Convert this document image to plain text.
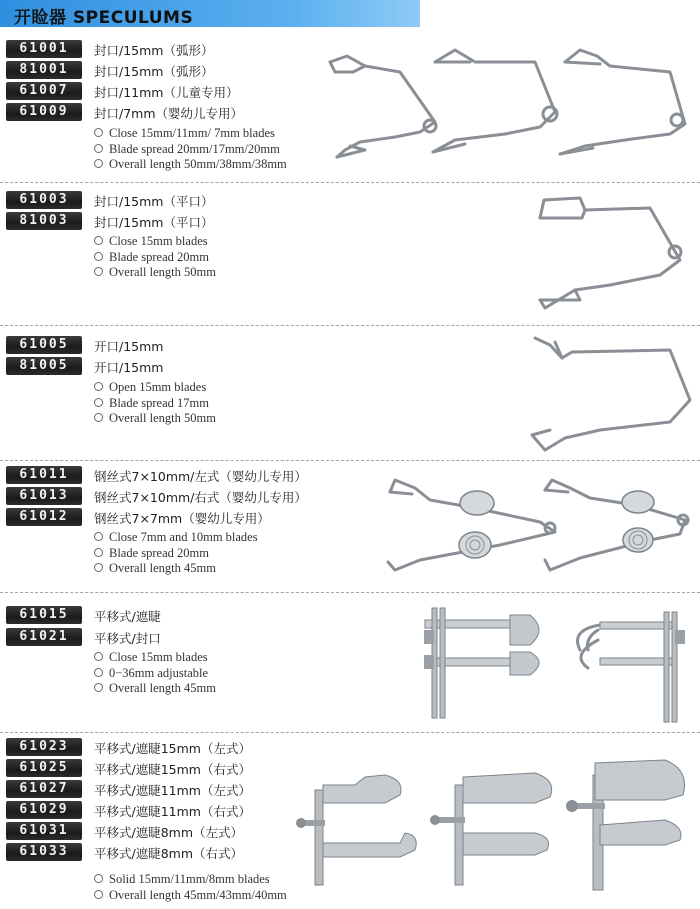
开睑器 SPECULUMS
61001	封口/15mm（弧形）
81001	封口/15mm（弧形）
61007	封口/11mm（儿童专用）
61009	封口/7mm（婴幼儿专用）
Close 15mm/11mm/ 7mm blades
Blade spread 20mm/17mm/20mm
Overall length 50mm/38mm/38mm
61003	封口/15mm（平口）
81003	封口/15mm（平口）
Close 15mm blades
Blade spread 20mm
Overall length 50mm
61005	开口/15mm
81005	开口/15mm
Open 15mm blades
Blade spread 17mm
Overall length 50mm
61011	钢丝式7×10mm/左式（婴幼儿专用）
61013	钢丝式7×10mm/右式（婴幼儿专用）
61012	钢丝式7×7mm（婴幼儿专用）
Close 7mm and 10mm blades
Blade spread 20mm
Overall length 45mm
61015	平移式/遮睫
61021	平移式/封口
Close 15mm blades
0−36mm adjustable
Overall length 45mm
61023	平移式/遮睫15mm（左式）
61025	平移式/遮睫15mm（右式）
61027	平移式/遮睫11mm（左式）
61029	平移式/遮睫11mm（右式）
61031	平移式/遮睫8mm（左式）
61033	平移式/遮睫8mm（右式）
Solid 15mm/11mm/8mm blades
Overall length 45mm/43mm/40mm
